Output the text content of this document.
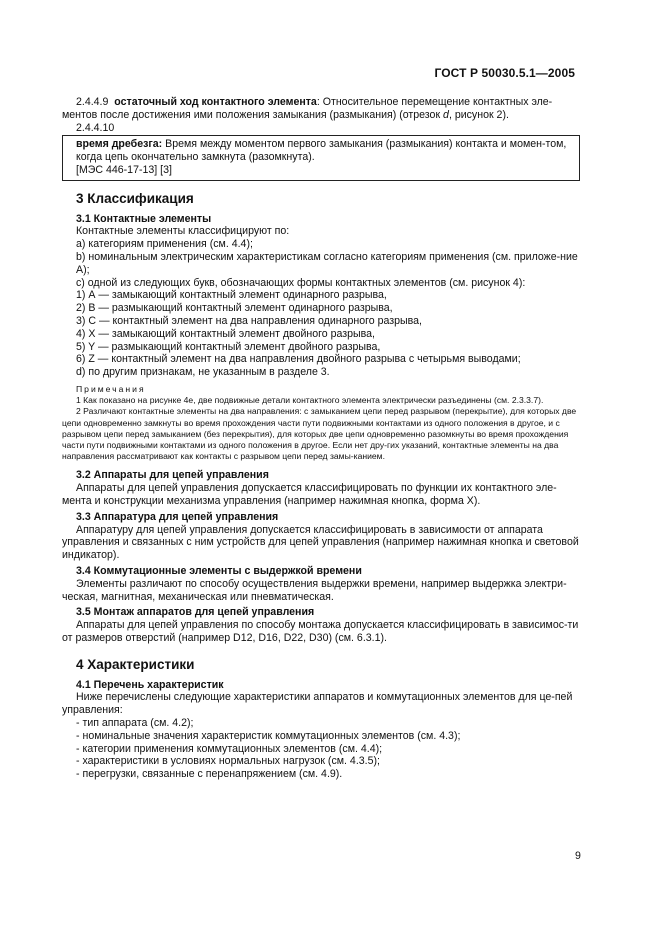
ГОСТ Р 50030.5.1—2005

2.4.4.9 остаточный ход контактного элемента: Относительное перемещение контактных эле-ментов после достижения ими положения замыкания (размыкания) (отрезок d, рисунок 2).

2.4.4.10

время дребезга: Время между моментом первого замыкания (размыкания) контакта и момен-том, когда цепь окончательно замкнута (разомкнута).

[МЭС 446-17-13] [3]

3 Классификация
3.1 Контактные элементы

Контактные элементы классифицируют по:

a) категориям применения (см. 4.4);

b) номинальным электрическим характеристикам согласно категориям применения (см. приложе-ние А);

c) одной из следующих букв, обозначающих формы контактных элементов (см. рисунок 4):

1) А — замыкающий контактный элемент одинарного разрыва,

2) В — размыкающий контактный элемент одинарного разрыва,

3) С — контактный элемент на два направления одинарного разрыва,

4) Х — замыкающий контактный элемент двойного разрыва,

5) Y — размыкающий контактный элемент двойного разрыва,

6) Z — контактный элемент на два направления двойного разрыва с четырьмя выводами;

d) по другим признакам, не указанным в разделе 3.

Примечания

1 Как показано на рисунке 4е, две подвижные детали контактного элемента электрически разъединены (см. 2.3.3.7).

2 Различают контактные элементы на два направления: с замыканием цепи перед разрывом (перекрытие), для которых две цепи одновременно замкнуты во время прохождения части пути подвижными контактами из одного положения в другое, и с разрывом цепи перед замыканием (без перекрытия), для которых две цепи одновременно разомкнуты во время прохождения части пути подвижными контактами из одного положения в другое. Если нет дру-гих указаний, контактные элементы на два направления рассматривают как контакты с разрывом цепи перед замы-канием.

3.2 Аппараты для цепей управления

Аппараты для цепей управления допускается классифицировать по функции их контактного эле-мента и конструкции механизма управления (например нажимная кнопка, форма Х).

3.3 Аппаратура для цепей управления

Аппаратуру для цепей управления допускается классифицировать в зависимости от аппарата управления и связанных с ним устройств для цепей управления (например нажимная кнопка и световой индикатор).

3.4 Коммутационные элементы с выдержкой времени

Элементы различают по способу осуществления выдержки времени, например выдержка электри-ческая, магнитная, механическая или пневматическая.

3.5 Монтаж аппаратов для цепей управления

Аппараты для цепей управления по способу монтажа допускается классифицировать в зависимос-ти от размеров отверстий (например D12, D16, D22, D30) (см. 6.3.1).

4 Характеристики
4.1 Перечень характеристик

Ниже перечислены следующие характеристики аппаратов и коммутационных элементов для це-пей управления:

- тип аппарата (см. 4.2);

- номинальные значения характеристик коммутационных элементов (см. 4.3);

- категории применения коммутационных элементов (см. 4.4);

- характеристики в условиях нормальных нагрузок (см. 4.3.5);

- перегрузки, связанные с перенапряжением (см. 4.9).

9
